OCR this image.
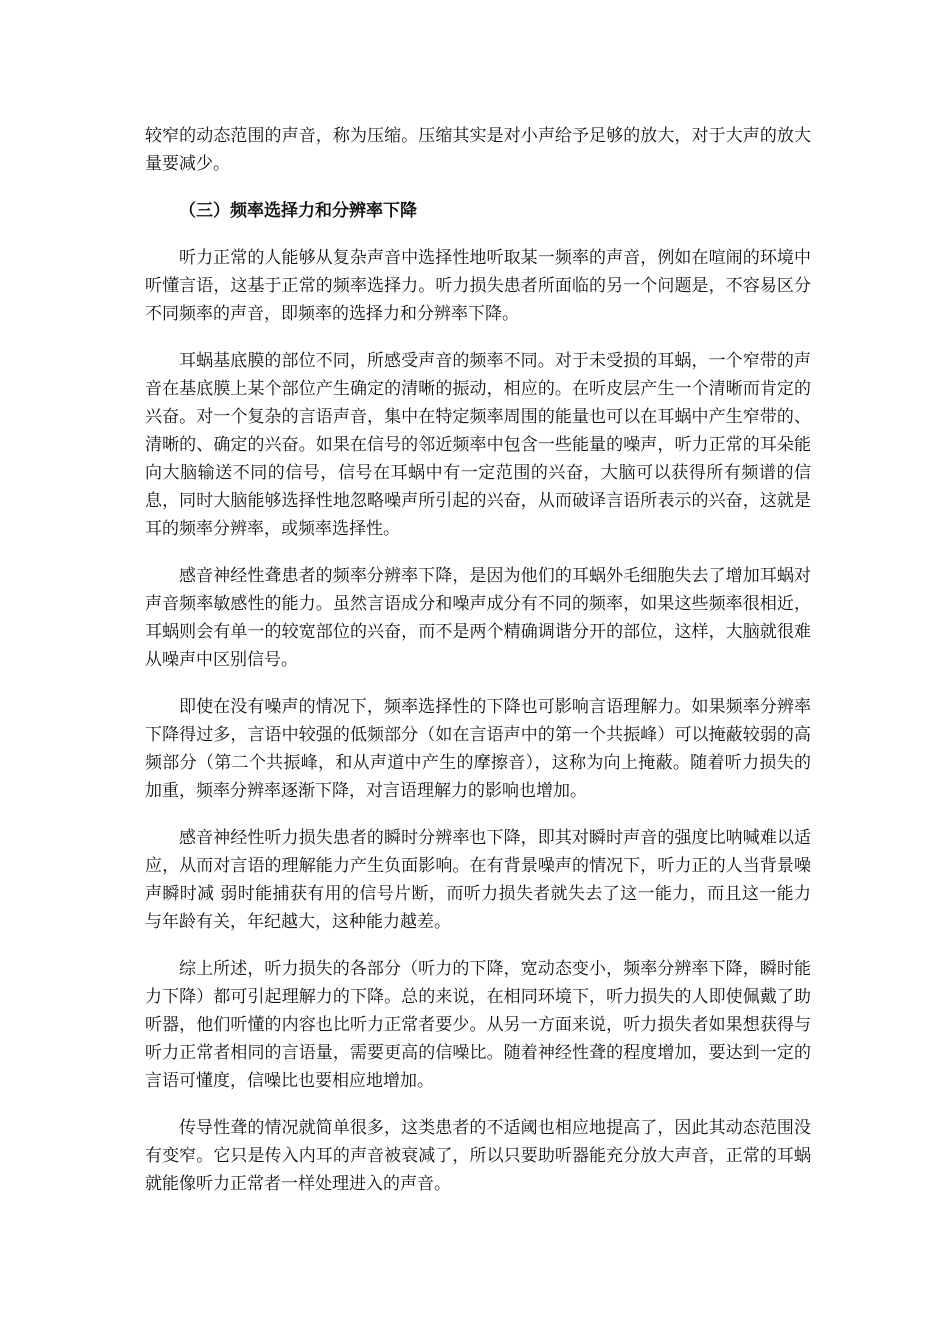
较窄的动态范围的声音，称为压缩。压缩其实是对小声给予足够的放大，对于大声的放大量要减少。

（三）频率选择力和分辨率下降

听力正常的人能够从复杂声音中选择性地听取某一频率的声音，例如在喧闹的环境中听懂言语，这基于正常的频率选择力。听力损失患者所面临的另一个问题是，不容易区分不同频率的声音，即频率的选择力和分辨率下降。

耳蜗基底膜的部位不同，所感受声音的频率不同。对于未受损的耳蜗，一个窄带的声音在基底膜上某个部位产生确定的清晰的振动，相应的。在听皮层产生一个清晰而肯定的兴奋。对一个复杂的言语声音，集中在特定频率周围的能量也可以在耳蜗中产生窄带的、清晰的、确定的兴奋。如果在信号的邻近频率中包含一些能量的噪声，听力正常的耳朵能向大脑输送不同的信号，信号在耳蜗中有一定范围的兴奋，大脑可以获得所有频谱的信息，同时大脑能够选择性地忽略噪声所引起的兴奋，从而破译言语所表示的兴奋，这就是耳的频率分辨率，或频率选择性。

感音神经性聋患者的频率分辨率下降，是因为他们的耳蜗外毛细胞失去了增加耳蜗对声音频率敏感性的能力。虽然言语成分和噪声成分有不同的频率，如果这些频率很相近，耳蜗则会有单一的较宽部位的兴奋，而不是两个精确调谐分开的部位，这样，大脑就很难从噪声中区别信号。

即使在没有噪声的情况下，频率选择性的下降也可影响言语理解力。如果频率分辨率下降得过多，言语中较强的低频部分（如在言语声中的第一个共振峰）可以掩蔽较弱的高频部分（第二个共振峰，和从声道中产生的摩擦音），这称为向上掩蔽。随着听力损失的加重，频率分辨率逐渐下降，对言语理解力的影响也增加。

感音神经性听力损失患者的瞬时分辨率也下降，即其对瞬时声音的强度比呐喊难以适应，从而对言语的理解能力产生负面影响。在有背景噪声的情况下，听力正的人当背景噪声瞬时减 弱时能捕获有用的信号片断，而听力损失者就失去了这一能力，而且这一能力与年龄有关，年纪越大，这种能力越差。

综上所述，听力损失的各部分（听力的下降，宽动态变小，频率分辨率下降，瞬时能力下降）都可引起理解力的下降。总的来说，在相同环境下，听力损失的人即使佩戴了助听器，他们听懂的内容也比听力正常者要少。从另一方面来说，听力损失者如果想获得与听力正常者相同的言语量，需要更高的信噪比。随着神经性聋的程度增加，要达到一定的言语可懂度，信噪比也要相应地增加。

传导性聋的情况就简单很多，这类患者的不适阈也相应地提高了，因此其动态范围没有变窄。它只是传入内耳的声音被衰减了，所以只要助听器能充分放大声音，正常的耳蜗就能像听力正常者一样处理进入的声音。
